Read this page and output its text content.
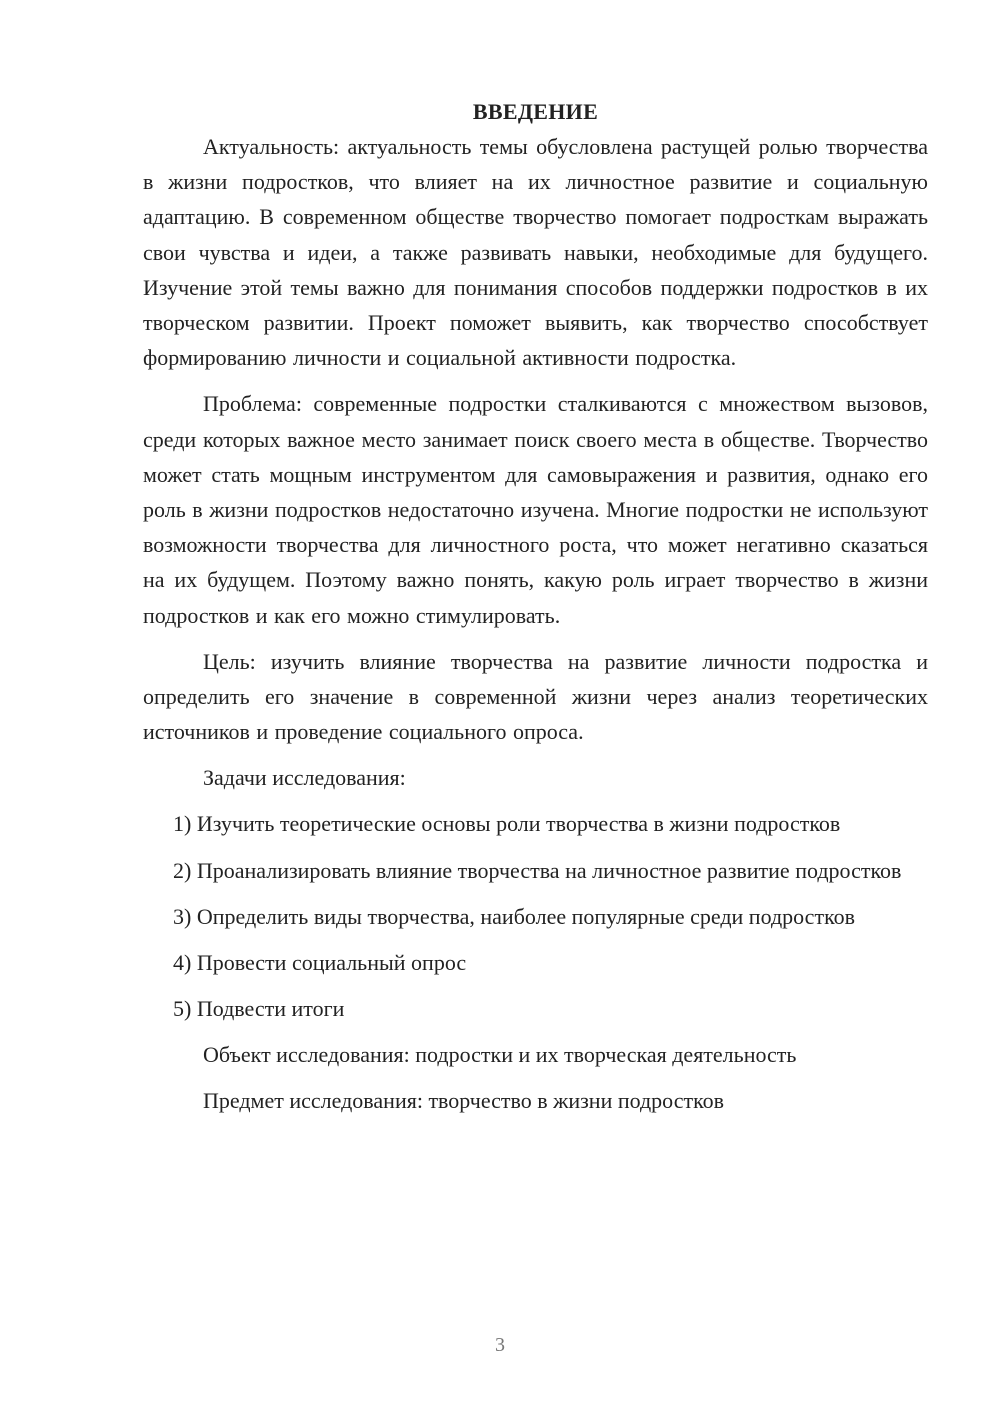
ВВЕДЕНИЕ

Актуальность: актуальность темы обусловлена растущей ролью творчества в жизни подростков, что влияет на их личностное развитие и социальную адаптацию. В современном обществе творчество помогает подросткам выражать свои чувства и идеи, а также развивать навыки, необходимые для будущего. Изучение этой темы важно для понимания способов поддержки подростков в их творческом развитии. Проект поможет выявить, как творчество способствует формированию личности и социальной активности подростка.

Проблема: современные подростки сталкиваются с множеством вызовов, среди которых важное место занимает поиск своего места в обществе. Творчество может стать мощным инструментом для самовыражения и развития, однако его роль в жизни подростков недостаточно изучена. Многие подростки не используют возможности творчества для личностного роста, что может негативно сказаться на их будущем. Поэтому важно понять, какую роль играет творчество в жизни подростков и как его можно стимулировать.

Цель: изучить влияние творчества на развитие личности подростка и определить его значение в современной жизни через анализ теоретических источников и проведение социального опроса.

Задачи исследования:

1) Изучить теоретические основы роли творчества в жизни подростков

2) Проанализировать влияние творчества на личностное развитие подростков

3) Определить виды творчества, наиболее популярные среди подростков

4) Провести социальный опрос

5) Подвести итоги

Объект исследования: подростки и их творческая деятельность

Предмет исследования: творчество в жизни подростков

3
